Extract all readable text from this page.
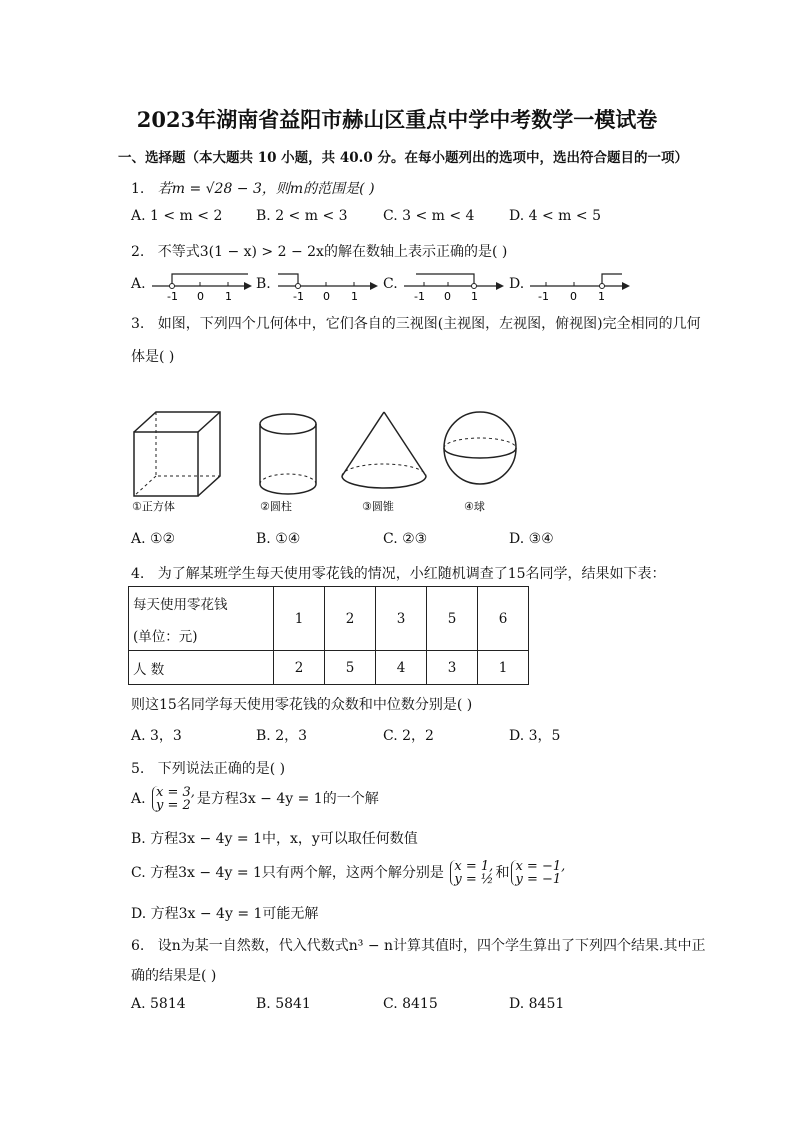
2023年湖南省益阳市赫山区重点中学中考数学一模试卷
一、选择题（本大题共 10 小题，共 40.0 分。在每小题列出的选项中，选出符合题目的一项）
1. 若m = √28 − 3，则m的范围是( )
A. 1 < m < 2 B. 2 < m < 3	C. 3 < m < 4 D. 4 < m < 5
2. 不等式3(1 − x) > 2 − 2x的解在数轴上表示正确的是( )
A.	B.	C.	D.
-1 0 1	-1 0 1	-1 0 1	-1 0 1
3. 如图，下列四个几何体中，它们各自的三视图(主视图，左视图，俯视图)完全相同的几何
体是( )
①正方体	②圆柱	③圆锥	④球
A. ①②	B. ①④	C. ②③	D. ③④
4. 为了解某班学生每天使用零花钱的情况，小红随机调查了15名同学，结果如下表：
每天使用零花钱
(单位：元)	1	2	3	5	6
人 数	2	5	4	3	1
则这15名同学每天使用零花钱的众数和中位数分别是( )
A. 3，3	B. 2，3	C. 2，2	D. 3，5
5. 下列说法正确的是( )
A. x = 3,
y = 2 是方程3x − 4y = 1的一个解
B. 方程3x − 4y = 1中，x，y可以取任何数值
C. 方程3x − 4y = 1只有两个解，这两个解分别是 x = 1,
y = ½ 和 x = −1,
y = −1
D. 方程3x − 4y = 1可能无解
6. 设n为某一自然数，代入代数式n³ − n计算其值时，四个学生算出了下列四个结果.其中正
确的结果是( )
A. 5814	B. 5841	C. 8415	D. 8451
